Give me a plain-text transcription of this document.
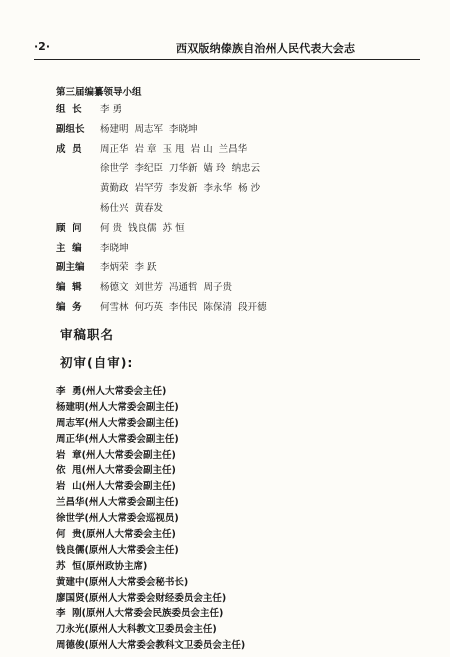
·2·	西双版纳傣族自治州人民代表大会志
第三届编纂领导小组
组  长	李 勇
副组长	杨建明 周志军 李晓坤
成  员	周正华 岩 章 玉 甩 岩 山 兰昌华
徐世学 李纪臣 刀华新 嫱 玲 纳忠云
黄勤政 岩罕劳 李发新 李永华 杨 沙
杨仕兴 黄春发
顾  问	何 贵 钱良儒 苏 恒
主  编	李晓坤
副主编	李炳荣 李 跃
编  辑	杨德文 刘世芳 冯通哲 周子贵
编  务	何雪林 何巧英 李伟民 陈保清 段开德
审稿职名
初审(自审):
李  勇(州人大常委会主任)
杨建明(州人大常委会副主任)
周志军(州人大常委会副主任)
周正华(州人大常委会副主任)
岩  章(州人大常委会副主任)
依  甩(州人大常委会副主任)
岩  山(州人大常委会副主任)
兰昌华(州人大常委会副主任)
徐世学(州人大常委会巡视员)
何  贵(原州人大常委会主任)
钱良儒(原州人大常委会主任)
苏  恒(原州政协主席)
黄建中(原州人大常委会秘书长)
廖国贤(原州人大常委会财经委员会主任)
李  刚(原州人大常委会民族委员会主任)
刀永光(原州人大科教文卫委员会主任)
周德俊(原州人大常委会教科文卫委员会主任)
